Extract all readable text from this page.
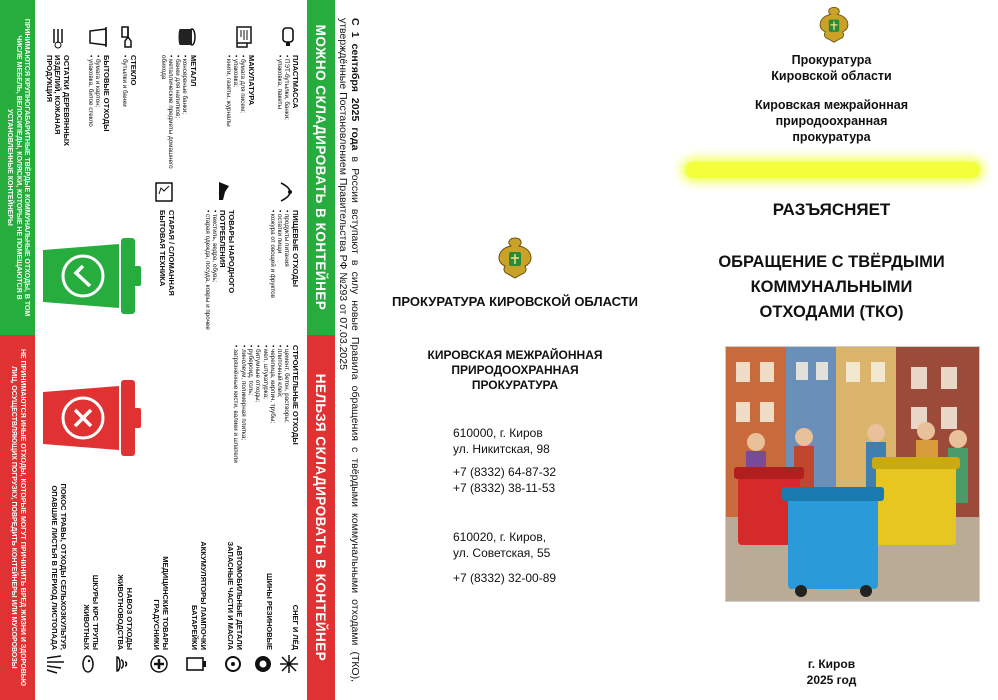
С 1 сентября 2025 года в России вступают в силу новые Правила обращения с твёрдыми коммунальными отходами (ТКО), утверждённые Постановлением Правительства РФ №293 от 07.03.2025
МОЖНО СКЛАДИРОВАТЬ В КОНТЕЙНЕР
НЕЛЬЗЯ СКЛАДИРОВАТЬ В КОНТЕЙНЕР
ПЛАСТМАССА
• ПЭТ-бутылки, банки;
• упаковка, пакеты
МАКУЛАТУРА
• бумага для писем;
• упаковка;
• книги, газеты, журналы
МЕТАЛЛ
• консервные банки;
• банки для напитков;
• металлические предметы домашнего обихода
СТЕКЛО
• бутылки и банки
БЫТОВЫЕ ОТХОДЫ
• бумага и картон;
• упаковка, битое стекло
ОСТАТКИ ДЕРЕВЯННЫХ ИЗДЕЛИЙ, КОЖАНАЯ ПРОДУКЦИЯ
ПИЩЕВЫЕ ОТХОДЫ
• продукты питания
• остатки пищи
• кожура от овощей и фруктов
ТОВАРЫ НАРОДНОГО ПОТРЕБЛЕНИЯ
• текстиль, ведра, обувь;
• старая одежда, посуда, ковры и прочее
СТАРАЯ / СЛОМАННАЯ БЫТОВАЯ ТЕХНИКА
СТРОИТЕЛЬНЫЕ ОТХОДЫ
• цемент, бетон, растворы;
• плиточный клей;
• черепица, кирпич, трубы;
• мел, штукатурка;
• битумные отходы;
• рубероид, толь;
• линолеум, полимерная плитка;
• загрязнённые кисти, валики и шпатели
СНЕГ И ЛЁД
ШИНЫ РЕЗИНОВЫЕ
АВТОМОБИЛЬНЫЕ ДЕТАЛИ ЗАПАСНЫЕ ЧАСТИ И МАСЛА
АККУМУЛЯТОРЫ ЛАМПОЧКИ БАТАРЕЙКИ
МЕДИЦИНСКИЕ ТОВАРЫ ГРАДУСНИКИ
НАВОЗ ОТХОДЫ ЖИВОТНОВОДСТВА
ШКУРЫ КРС ТРУПЫ ЖИВОТНЫХ
ПОКОС ТРАВЫ, ОТХОДЫ СЕЛЬХОЗКУЛЬТУР, ОПАВШИЕ ЛИСТЬЯ В ПЕРИОД ЛИСТОПАДА
ПРИНИМАЮТСЯ КРУПНОГАБАРИТНЫЕ ТВЁРДЫЕ КОММУНАЛЬНЫЕ ОТХОДЫ, В ТОМ ЧИСЛЕ МЕБЕЛЬ, ВЕЛОСИПЕДЫ, КОЛЯСКИ, КОТОРЫЕ НЕ ПОМЕЩАЮТСЯ В УСТАНОВЛЕННЫЕ КОНТЕЙНЕРЫ
НЕ ПРИНИМАЮТСЯ ИНЫЕ ОТХОДЫ, КОТОРЫЕ МОГУТ ПРИЧИНИТЬ ВРЕД ЖИЗНИ И ЗДОРОВЬЮ ЛИЦ, ОСУЩЕСТВЛЯЮЩИХ ПОГРУЗКУ, ПОВРЕДИТЬ КОНТЕЙНЕРЫ ИЛИ МУСОРОВОЗЫ
ПРОКУРАТУРА КИРОВСКОЙ ОБЛАСТИ
КИРОВСКАЯ МЕЖРАЙОННАЯ ПРИРОДООХРАННАЯ ПРОКУРАТУРА
610000, г. Киров
ул. Никитская, 98
+7 (8332) 64-87-32
+7 (8332) 38-11-53
610020, г. Киров,
ул. Советская, 55
+7 (8332) 32-00-89
Прокуратура Кировской области
Кировская межрайонная природоохранная прокуратура
РАЗЪЯСНЯЕТ
ОБРАЩЕНИЕ С ТВЁРДЫМИ КОММУНАЛЬНЫМИ ОТХОДАМИ (ТКО)
г. Киров
2025 год
